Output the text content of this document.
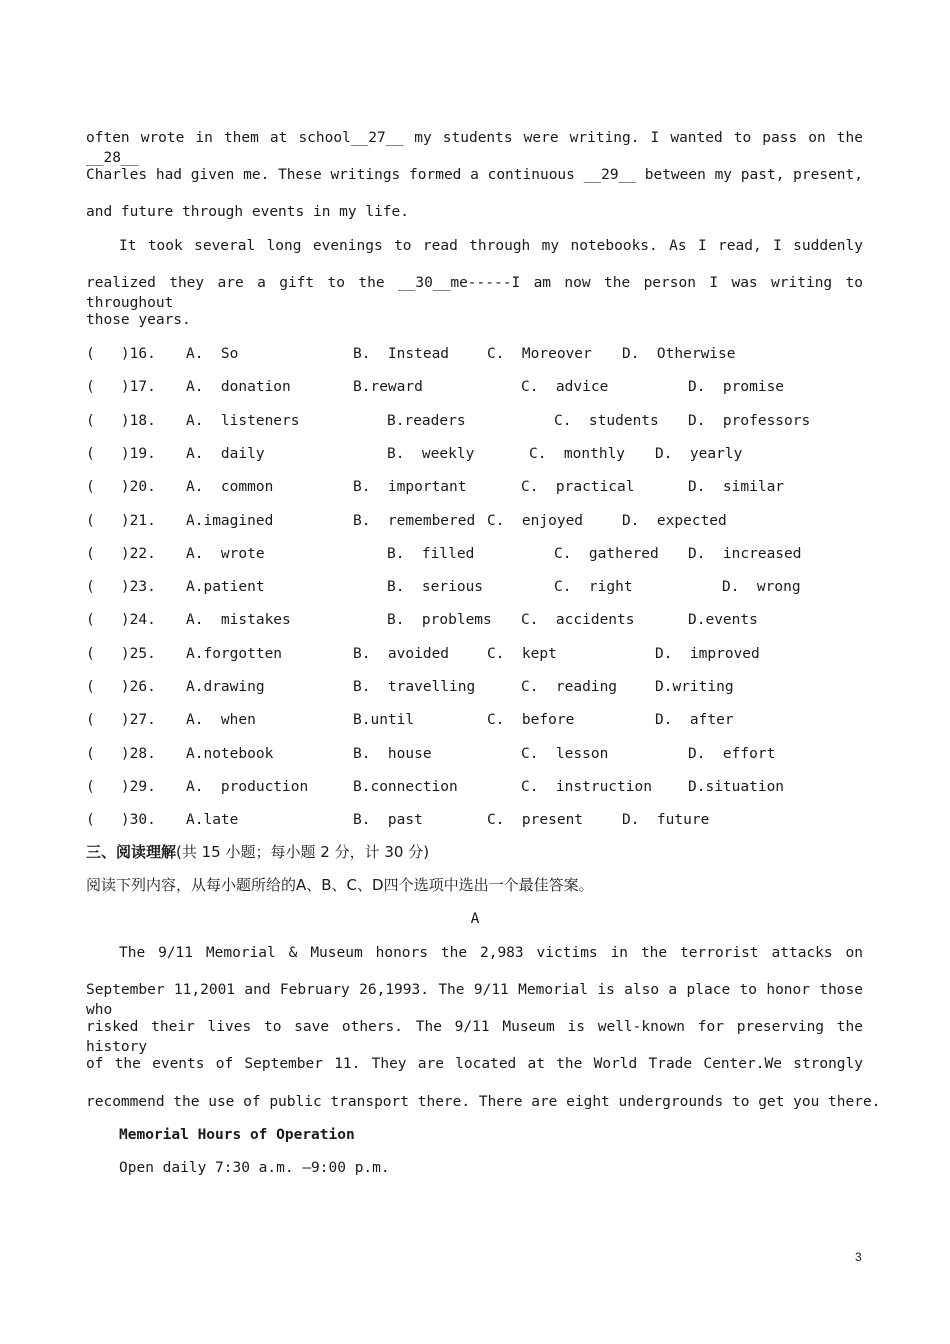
often wrote in them at school__27__ my students were writing. I wanted to pass on the __28__
Charles had given me. These writings formed a continuous __29__ between my past, present,
and future through events in my life.
It took several long evenings to read through my notebooks. As I read, I suddenly
realized they are a gift to the __30__me-----I am now the person I was writing to throughout
those years.
(   )16. A.  So	B.  Instead	C.  Moreover D.  Otherwise
(   )17. A.  donation	B.reward	C.  advice	D.  promise
(   )18. A.  listeners	B.readers	C.  students D.  professors
(   )19. A.  daily	B.  weekly	C.  monthly D.  yearly
(   )20. A.  common	B.  important	C.  practical	D.  similar
(   )21. A.imagined	B.  remembered C.  enjoyed	D.  expected
(   )22. A.  wrote	B.  filled	C.  gathered D.  increased
(   )23. A.patient	B.  serious	C.  right	D.  wrong
(   )24. A.  mistakes	B.  problems C.  accidents	D.events
(   )25. A.forgotten	B.  avoided	C.  kept	D.  improved
(   )26. A.drawing	B.  travelling	C.  reading	D.writing
(   )27. A.  when	B.until	C.  before	D.  after
(   )28. A.notebook	B.  house	C.  lesson	D.  effort
(   )29. A.  production	B.connection	C.  instruction D.situation
(   )30. A.late	B.  past	C.  present	D.  future
三、阅读理解(共 15 小题；每小题 2 分，计 30 分)
阅读下列内容，从每小题所给的A、B、C、D四个选项中选出一个最佳答案。
A
The 9/11 Memorial & Museum honors the 2,983 victims in the terrorist attacks on
September 11,2001 and February 26,1993. The 9/11 Memorial is also a place to honor those who
risked their lives to save others. The 9/11 Museum is well-known for preserving the history
of the events of September 11. They are located at the World Trade Center.We strongly
recommend the use of public transport there. There are eight undergrounds to get you there.
Memorial Hours of Operation
Open daily 7:30 a.m. —9:00 p.m.
3
